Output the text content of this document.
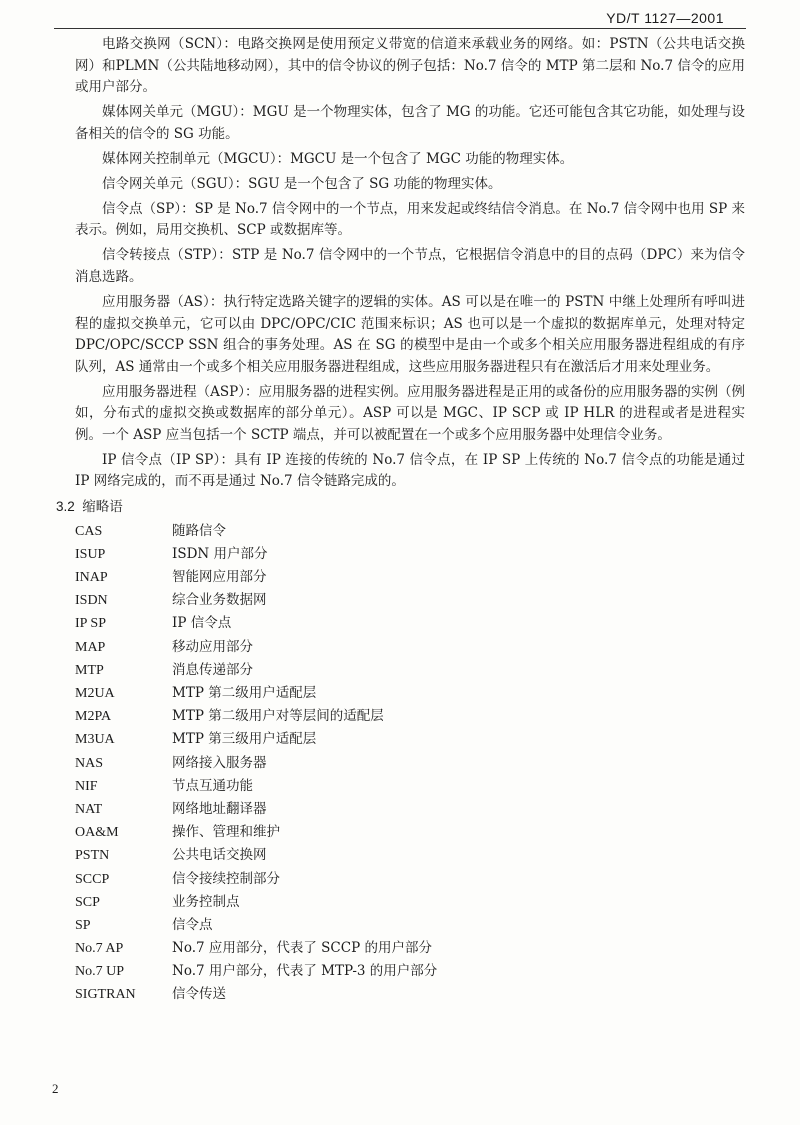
YD/T 1127—2001

电路交换网（SCN）：电路交换网是使用预定义带宽的信道来承载业务的网络。如：PSTN（公共电话交换网）和PLMN（公共陆地移动网），其中的信令协议的例子包括：No.7 信令的 MTP 第二层和 No.7 信令的应用或用户部分。

媒体网关单元（MGU）：MGU 是一个物理实体，包含了 MG 的功能。它还可能包含其它功能，如处理与设备相关的信令的 SG 功能。

媒体网关控制单元（MGCU）：MGCU 是一个包含了 MGC 功能的物理实体。

信令网关单元（SGU）：SGU 是一个包含了 SG 功能的物理实体。

信令点（SP）：SP 是 No.7 信令网中的一个节点，用来发起或终结信令消息。在 No.7 信令网中也用 SP 来表示。例如，局用交换机、SCP 或数据库等。

信令转接点（STP）：STP 是 No.7 信令网中的一个节点，它根据信令消息中的目的点码（DPC）来为信令消息选路。

应用服务器（AS）：执行特定选路关键字的逻辑的实体。AS 可以是在唯一的 PSTN 中继上处理所有呼叫进程的虚拟交换单元，它可以由 DPC/OPC/CIC 范围来标识；AS 也可以是一个虚拟的数据库单元，处理对特定 DPC/OPC/SCCP SSN 组合的事务处理。AS 在 SG 的模型中是由一个或多个相关应用服务器进程组成的有序队列，AS 通常由一个或多个相关应用服务器进程组成，这些应用服务器进程只有在激活后才用来处理业务。

应用服务器进程（ASP）：应用服务器的进程实例。应用服务器进程是正用的或备份的应用服务器的实例（例如，分布式的虚拟交换或数据库的部分单元）。ASP 可以是 MGC、IP SCP 或 IP HLR 的进程或者是进程实例。一个 ASP 应当包括一个 SCTP 端点，并可以被配置在一个或多个应用服务器中处理信令业务。

IP 信令点（IP SP）：具有 IP 连接的传统的 No.7 信令点，在 IP SP 上传统的 No.7 信令点的功能是通过 IP 网络完成的，而不再是通过 No.7 信令链路完成的。

3.2 缩略语
CAS	随路信令
ISUP	ISDN 用户部分
INAP	智能网应用部分
ISDN	综合业务数据网
IP SP	IP 信令点
MAP	移动应用部分
MTP	消息传递部分
M2UA	MTP 第二级用户适配层
M2PA	MTP 第二级用户对等层间的适配层
M3UA	MTP 第三级用户适配层
NAS	网络接入服务器
NIF	节点互通功能
NAT	网络地址翻译器
OA&M	操作、管理和维护
PSTN	公共电话交换网
SCCP	信令接续控制部分
SCP	业务控制点
SP	信令点
No.7 AP	No.7 应用部分，代表了 SCCP 的用户部分
No.7 UP	No.7 用户部分，代表了 MTP-3 的用户部分
SIGTRAN	信令传送
2
